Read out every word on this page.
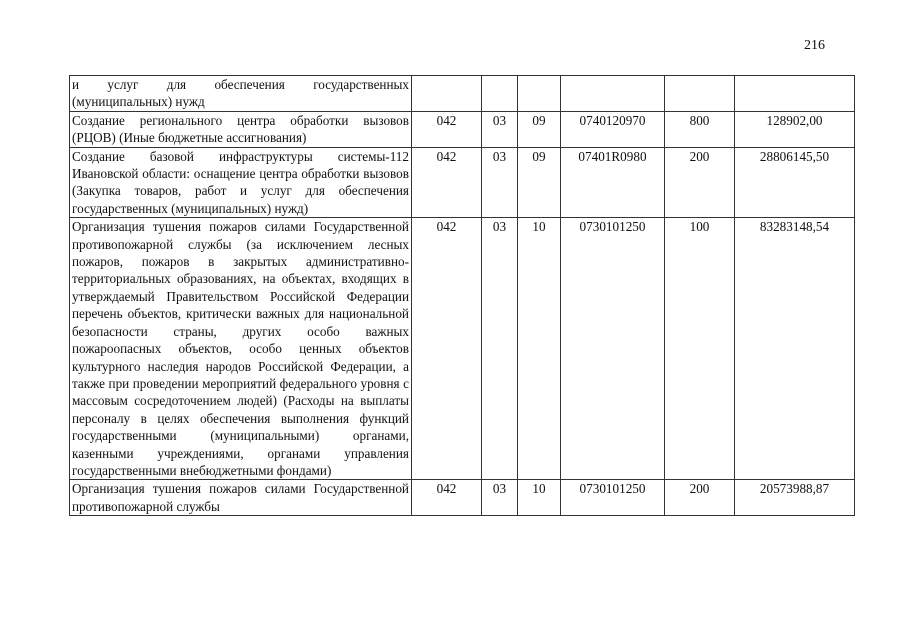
216
и услуг для обеспечения государственных (муниципальных) нужд						
Создание регионального центра обработки вызовов (РЦОВ) (Иные бюджетные ассигнования)	042	03	09	0740120970	800	128902,00
Создание базовой инфраструктуры системы-112 Ивановской области: оснащение центра обработки вызовов (Закупка товаров, работ и услуг для обеспечения государственных (муниципальных) нужд)	042	03	09	07401R0980	200	28806145,50
Организация тушения пожаров силами Государственной противопожарной службы (за исключением лесных пожаров, пожаров в закрытых административно-территориальных образованиях, на объектах, входящих в утверждаемый Правительством Российской Федерации перечень объектов, критически важных для национальной безопасности страны, других особо важных пожароопасных объектов, особо ценных объектов культурного наследия народов Российской Федерации, а также при проведении мероприятий федерального уровня с массовым сосредоточением людей) (Расходы на выплаты персоналу в целях обеспечения выполнения функций государственными (муниципальными) органами, казенными учреждениями, органами управления государственными внебюджетными фондами)	042	03	10	0730101250	100	83283148,54
Организация тушения пожаров силами Государственной противопожарной службы	042	03	10	0730101250	200	20573988,87
